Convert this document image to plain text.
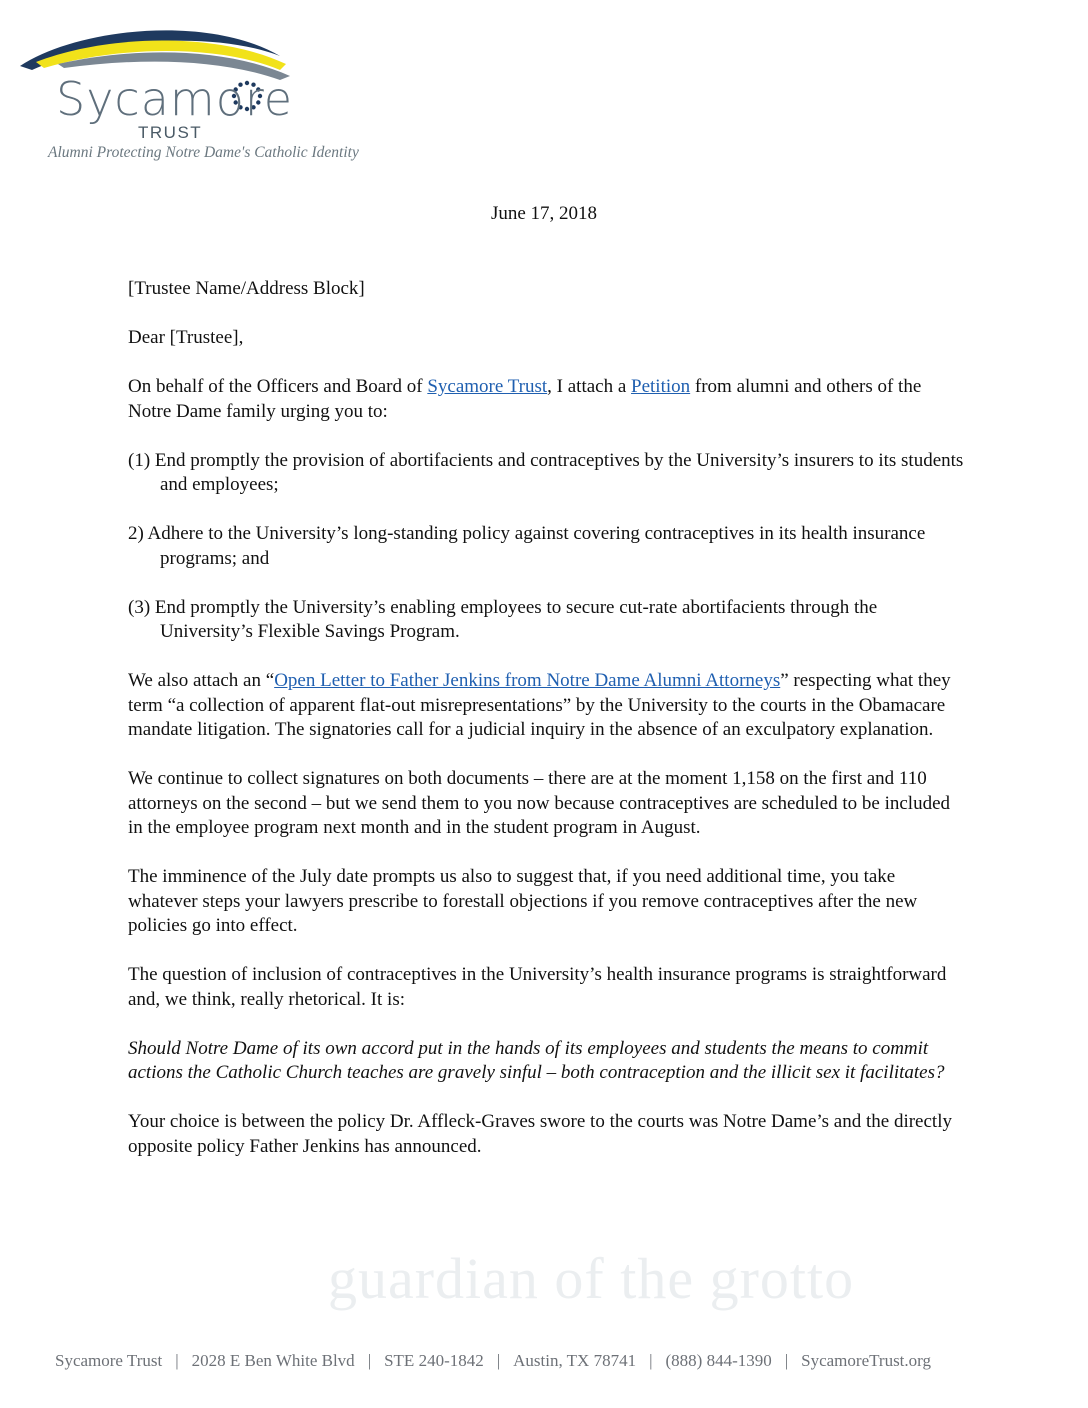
Sycamore
TRUST
Alumni Protecting Notre Dame's Catholic Identity
June 17, 2018

[Trustee Name/Address Block]

Dear [Trustee],

On behalf of the Officers and Board of Sycamore Trust, I attach a Petition from alumni and others of the Notre Dame family urging you to:

(1) End promptly the provision of abortifacients and contraceptives by the University’s insurers to its students and employees;

2) Adhere to the University’s long-standing policy against covering contraceptives in its health insurance programs; and

(3) End promptly the University’s enabling employees to secure cut-rate abortifacients through the University’s Flexible Savings Program.

We also attach an “Open Letter to Father Jenkins from Notre Dame Alumni Attorneys” respecting what they term “a collection of apparent flat-out misrepresentations” by the University to the courts in the Obamacare mandate litigation. The signatories call for a judicial inquiry in the absence of an exculpatory explanation.

We continue to collect signatures on both documents – there are at the moment 1,158 on the first and 110 attorneys on the second – but we send them to you now because contraceptives are scheduled to be included in the employee program next month and in the student program in August.

The imminence of the July date prompts us also to suggest that, if you need additional time, you take whatever steps your lawyers prescribe to forestall objections if you remove contraceptives after the new policies go into effect.

The question of inclusion of contraceptives in the University’s health insurance programs is straightforward and, we think, really rhetorical. It is:

Should Notre Dame of its own accord put in the hands of its employees and students the means to commit actions the Catholic Church teaches are gravely sinful – both contraception and the illicit sex it facilitates?

Your choice is between the policy Dr. Affleck-Graves swore to the courts was Notre Dame’s and the directly opposite policy Father Jenkins has announced.

guardian of the grotto
Sycamore Trust | 2028 E Ben White Blvd | STE 240-1842 | Austin, TX 78741 | (888) 844-1390 | SycamoreTrust.org
